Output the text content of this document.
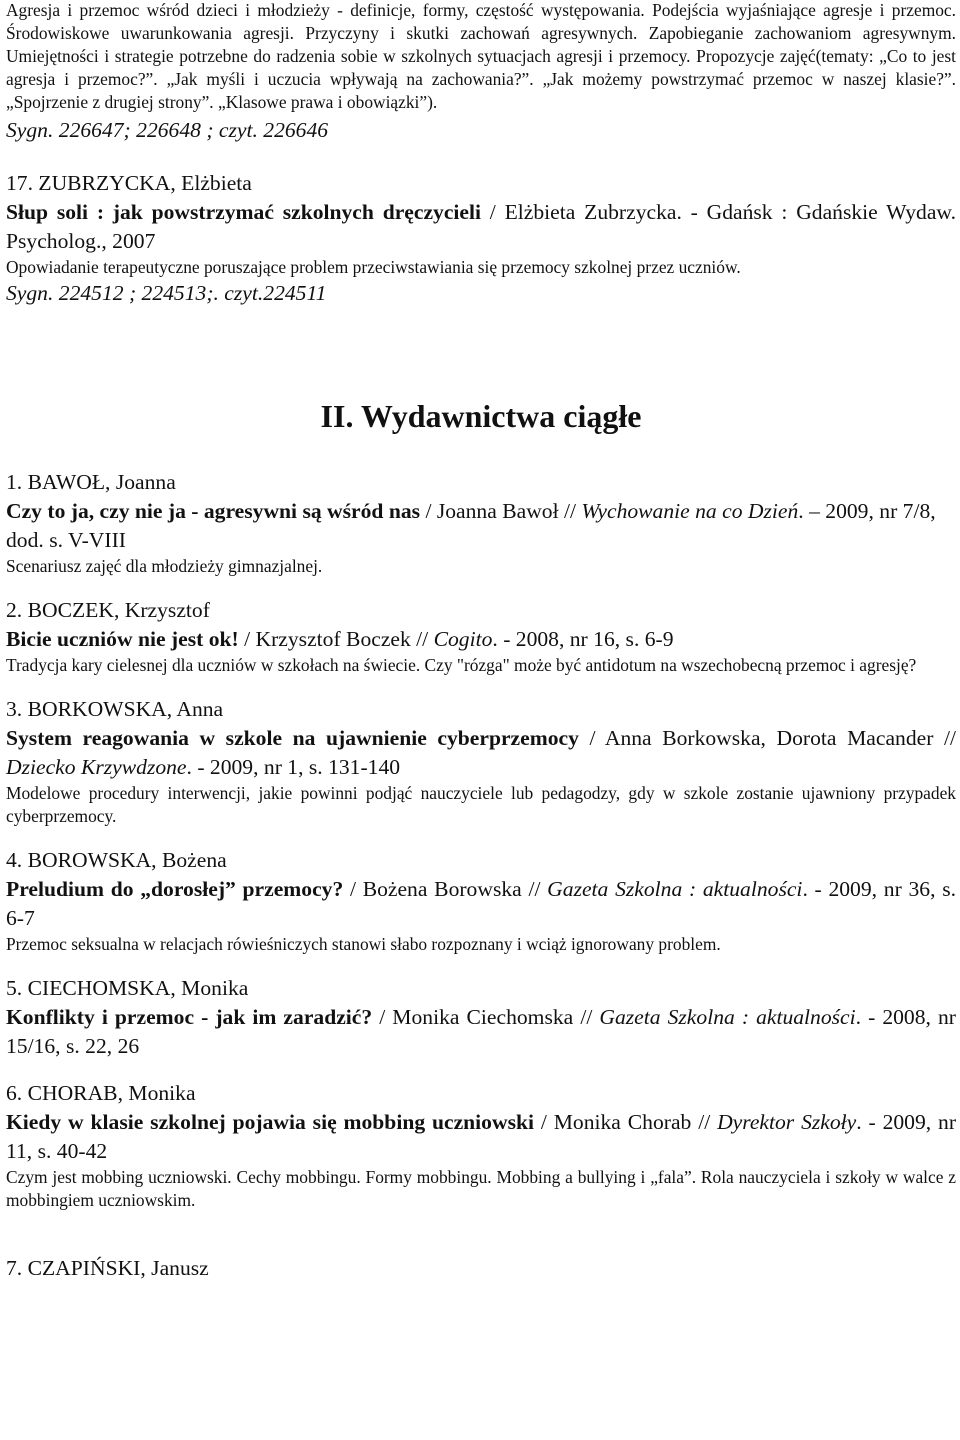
Agresja i przemoc wśród dzieci i młodzieży - definicje, formy, częstość występowania. Podejścia wyjaśniające agresje i przemoc. Środowiskowe uwarunkowania agresji. Przyczyny i skutki zachowań agresywnych. Zapobieganie zachowaniom agresywnym. Umiejętności i strategie potrzebne do radzenia sobie w szkolnych sytuacjach agresji i przemocy. Propozycje zajęć(tematy: „Co to jest agresja i przemoc?”. „Jak myśli i uczucia wpływają na zachowania?”. „Jak możemy powstrzymać przemoc w naszej klasie?”. „Spojrzenie z drugiej strony”. „Klasowe prawa i obowiązki”).

Sygn. 226647; 226648 ; czyt. 226646

17. ZUBRZYCKA, Elżbieta

Słup soli : jak powstrzymać szkolnych dręczycieli / Elżbieta Zubrzycka. - Gdańsk : Gdańskie Wydaw. Psycholog., 2007

Opowiadanie terapeutyczne poruszające problem przeciwstawiania się przemocy szkolnej przez uczniów.

Sygn. 224512 ; 224513;. czyt.224511

II. Wydawnictwa ciągłe

1. BAWOŁ, Joanna

Czy to ja, czy nie ja - agresywni są wśród nas / Joanna Bawoł // Wychowanie na co Dzień. – 2009, nr 7/8, dod. s. V-VIII

Scenariusz zajęć dla młodzieży gimnazjalnej.

2. BOCZEK, Krzysztof

Bicie uczniów nie jest ok! / Krzysztof Boczek // Cogito. - 2008, nr 16, s. 6-9

Tradycja kary cielesnej dla uczniów w szkołach na świecie. Czy "rózga" może być antidotum na wszechobecną przemoc i agresję?

3. BORKOWSKA, Anna

System reagowania w szkole na ujawnienie cyberprzemocy / Anna Borkowska, Dorota Macander // Dziecko Krzywdzone. - 2009, nr 1, s. 131-140

Modelowe procedury interwencji, jakie powinni podjąć nauczyciele lub pedagodzy, gdy w szkole zostanie ujawniony przypadek cyberprzemocy.

4. BOROWSKA, Bożena

Preludium do „dorosłej” przemocy? / Bożena Borowska // Gazeta Szkolna : aktualności. - 2009, nr 36, s. 6-7

Przemoc seksualna w relacjach rówieśniczych stanowi słabo rozpoznany i wciąż ignorowany problem.

5. CIECHOMSKA, Monika

Konflikty i przemoc - jak im zaradzić? / Monika Ciechomska // Gazeta Szkolna : aktualności. - 2008, nr 15/16, s. 22, 26

6. CHORAB, Monika

Kiedy w klasie szkolnej pojawia się mobbing uczniowski / Monika Chorab // Dyrektor Szkoły. - 2009, nr 11, s. 40-42

Czym jest mobbing uczniowski. Cechy mobbingu. Formy mobbingu. Mobbing a bullying i „fala”. Rola nauczyciela i szkoły w walce z mobbingiem uczniowskim.

7. CZAPIŃSKI, Janusz
